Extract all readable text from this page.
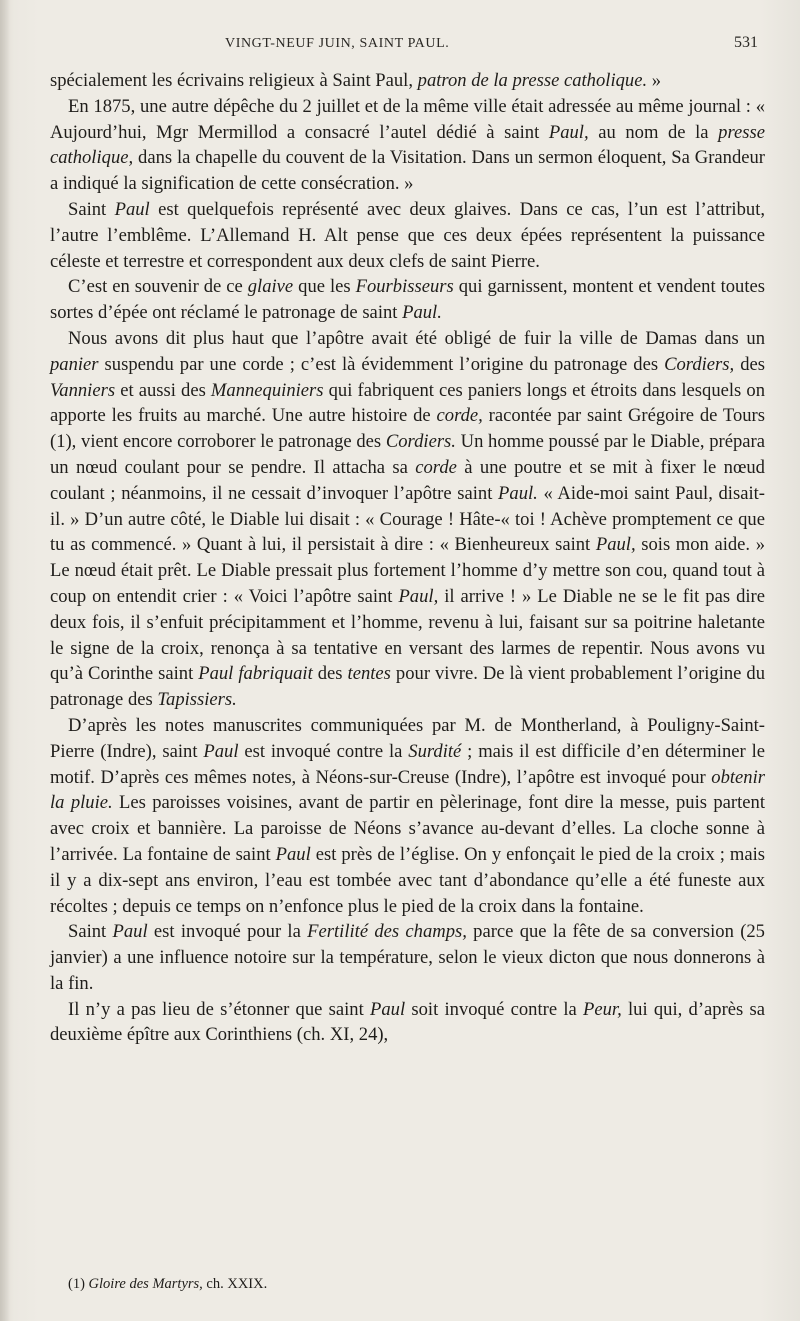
VINGT-NEUF JUIN, SAINT PAUL.	531

spécialement les écrivains religieux à Saint Paul, patron de la presse catholique. »

En 1875, une autre dépêche du 2 juillet et de la même ville était adressée au même journal : « Aujourd’hui, Mgr Mermillod a consacré l’autel dédié à saint Paul, au nom de la presse catholique, dans la chapelle du couvent de la Visitation. Dans un sermon éloquent, Sa Grandeur a indiqué la signification de cette consécration. »

Saint Paul est quelquefois représenté avec deux glaives. Dans ce cas, l’un est l’attribut, l’autre l’emblême. L’Allemand H. Alt pense que ces deux épées représentent la puissance céleste et terrestre et correspondent aux deux clefs de saint Pierre.

C’est en souvenir de ce glaive que les Fourbisseurs qui garnissent, montent et vendent toutes sortes d’épée ont réclamé le patronage de saint Paul.

Nous avons dit plus haut que l’apôtre avait été obligé de fuir la ville de Damas dans un panier suspendu par une corde ; c’est là évidemment l’origine du patronage des Cordiers, des Vanniers et aussi des Mannequiniers qui fabriquent ces paniers longs et étroits dans lesquels on apporte les fruits au marché. Une autre histoire de corde, racontée par saint Grégoire de Tours (1), vient encore corroborer le patronage des Cordiers. Un homme poussé par le Diable, prépara un nœud coulant pour se pendre. Il attacha sa corde à une poutre et se mit à fixer le nœud coulant ; néanmoins, il ne cessait d’invoquer l’apôtre saint Paul. « Aide-moi saint Paul, disait-il. » D’un autre côté, le Diable lui disait : « Courage ! Hâte-« toi ! Achève promptement ce que tu as commencé. » Quant à lui, il persistait à dire : « Bienheureux saint Paul, sois mon aide. » Le nœud était prêt. Le Diable pressait plus fortement l’homme d’y mettre son cou, quand tout à coup on entendit crier : « Voici l’apôtre saint Paul, il arrive ! » Le Diable ne se le fit pas dire deux fois, il s’enfuit précipitamment et l’homme, revenu à lui, faisant sur sa poitrine haletante le signe de la croix, renonça à sa tentative en versant des larmes de repentir. Nous avons vu qu’à Corinthe saint Paul fabriquait des tentes pour vivre. De là vient probablement l’origine du patronage des Tapissiers.

D’après les notes manuscrites communiquées par M. de Montherland, à Pouligny-Saint-Pierre (Indre), saint Paul est invoqué contre la Surdité ; mais il est difficile d’en déterminer le motif. D’après ces mêmes notes, à Néons-sur-Creuse (Indre), l’apôtre est invoqué pour obtenir la pluie. Les paroisses voisines, avant de partir en pèlerinage, font dire la messe, puis partent avec croix et bannière. La paroisse de Néons s’avance au-devant d’elles. La cloche sonne à l’arrivée. La fontaine de saint Paul est près de l’église. On y enfonçait le pied de la croix ; mais il y a dix-sept ans environ, l’eau est tombée avec tant d’abondance qu’elle a été funeste aux récoltes ; depuis ce temps on n’enfonce plus le pied de la croix dans la fontaine.

Saint Paul est invoqué pour la Fertilité des champs, parce que la fête de sa conversion (25 janvier) a une influence notoire sur la température, selon le vieux dicton que nous donnerons à la fin.

Il n’y a pas lieu de s’étonner que saint Paul soit invoqué contre la Peur, lui qui, d’après sa deuxième épître aux Corinthiens (ch. XI, 24),

(1) Gloire des Martyrs, ch. XXIX.
